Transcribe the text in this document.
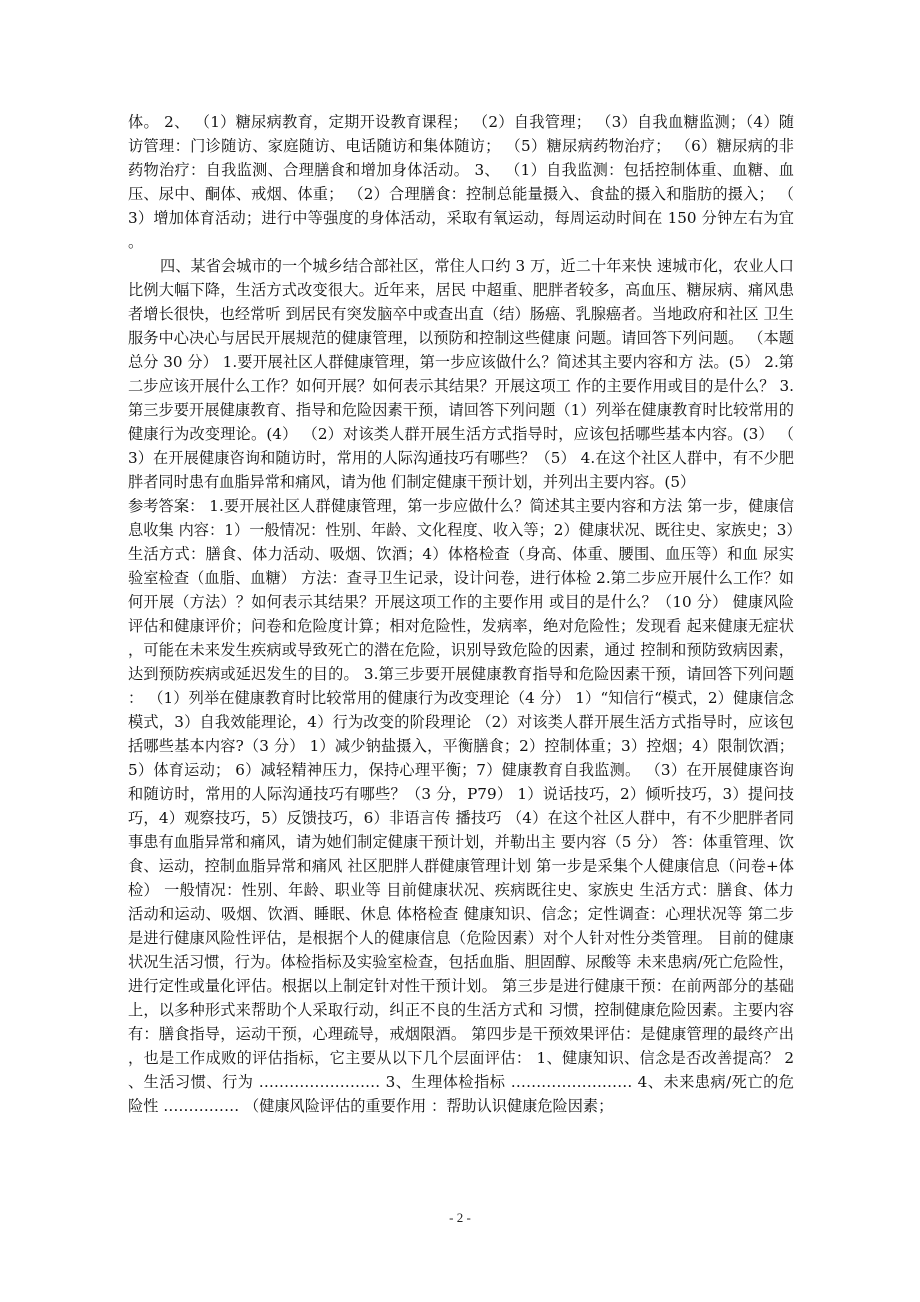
体。 2、 （1）糖尿病教育，定期开设教育课程； （2）自我管理； （3）自我血糖监测；（4）随访管理：门诊随访、家庭随访、电话随访和集体随访； （5）糖尿病药物治疗； （6）糖尿病的非药物治疗：自我监测、合理膳食和增加身体活动。 3、 （1）自我监测：包括控制体重、血糖、血压、尿中、酮体、戒烟、体重； （2）合理膳食：控制总能量摄入、食盐的摄入和脂肪的摄入； （3）增加体育活动；进行中等强度的身体活动，采取有氧运动，每周运动时间在 150 分钟左右为宜。

四、某省会城市的一个城乡结合部社区，常住人口约 3 万，近二十年来快 速城市化，农业人口比例大幅下降，生活方式改变很大。近年来，居民 中超重、肥胖者较多，高血压、糖尿病、痛风患者增长很快，也经常听 到居民有突发脑卒中或查出直（结）肠癌、乳腺癌者。当地政府和社区 卫生服务中心决心与居民开展规范的健康管理，以预防和控制这些健康 问题。请回答下列问题。 （本题总分 30 分） 1.要开展社区人群健康管理，第一步应该做什么？简述其主要内容和方 法。(5） 2.第二步应该开展什么工作？如何开展？如何表示其结果？开展这项工 作的主要作用或目的是什么？ 3.第三步要开展健康教育、指导和危险因素干预，请回答下列问题（1）列举在健康教育时比较常用的健康行为改变理论。(4） （2）对该类人群开展生活方式指导时，应该包括哪些基本内容。(3） （3）在开展健康咨询和随访时，常用的人际沟通技巧有哪些？（5） 4.在这个社区人群中，有不少肥胖者同时患有血脂异常和痛风，请为他 们制定健康干预计划，并列出主要内容。(5）

参考答案： 1.要开展社区人群健康管理，第一步应做什么？简述其主要内容和方法 第一步，健康信息收集 内容：1）一般情况：性别、年龄、文化程度、收入等；2）健康状况、既往史、家族史；3） 生活方式：膳食、体力活动、吸烟、饮酒；4）体格检查（身高、体重、腰围、血压等）和血 尿实验室检查（血脂、血糖） 方法：查寻卫生记录，设计问卷，进行体检 2.第二步应开展什么工作？如何开展（方法）？如何表示其结果？开展这项工作的主要作用 或目的是什么？（10 分） 健康风险评估和健康评价；问卷和危险度计算；相对危险性，发病率，绝对危险性；发现看 起来健康无症状，可能在未来发生疾病或导致死亡的潜在危险，识别导致危险的因素，通过 控制和预防致病因素，达到预防疾病或延迟发生的目的。 3.第三步要开展健康教育指导和危险因素干预，请回答下列问题： （1）列举在健康教育时比较常用的健康行为改变理论（4 分） 1）“知信行“模式，2）健康信念模式，3）自我效能理论，4）行为改变的阶段理论 （2）对该类人群开展生活方式指导时，应该包括哪些基本内容?（3 分） 1）减少钠盐摄入，平衡膳食；2）控制体重；3）控烟；4）限制饮酒；5）体育运动； 6）减轻精神压力，保持心理平衡；7）健康教育自我监测。 （3）在开展健康咨询和随访时，常用的人际沟通技巧有哪些？（3 分，P79） 1）说话技巧，2）倾听技巧，3）提问技巧，4）观察技巧，5）反馈技巧，6）非语言传 播技巧 （4）在这个社区人群中，有不少肥胖者同事患有血脂异常和痛风，请为她们制定健康干预计划，并勒出主 要内容（5 分） 答：体重管理、饮食、运动，控制血脂异常和痛风 社区肥胖人群健康管理计划 第一步是采集个人健康信息（问卷+体检） 一般情况：性别、年龄、职业等 目前健康状况、疾病既往史、家族史 生活方式：膳食、体力活动和运动、吸烟、饮酒、睡眠、休息 体格检查 健康知识、信念；定性调查：心理状况等 第二步是进行健康风险性评估，是根据个人的健康信息（危险因素）对个人针对性分类管理。 目前的健康状况生活习惯，行为。体检指标及实验室检查，包括血脂、胆固醇、尿酸等 未来患病/死亡危险性，进行定性或量化评估。根据以上制定针对性干预计划。 第三步是进行健康干预：在前两部分的基础上，以多种形式来帮助个人采取行动，纠正不良的生活方式和 习惯，控制健康危险因素。主要内容有：膳食指导，运动干预，心理疏导，戒烟限酒。 第四步是干预效果评估：是健康管理的最终产出，也是工作成败的评估指标，它主要从以下几个层面评估： 1、健康知识、信念是否改善提高？ 2、生活习惯、行为 …………………… 3、生理体检指标 …………………… 4、未来患病/死亡的危险性 …………… （健康风险评估的重要作用 ：帮助认识健康危险因素；

- 2 -
